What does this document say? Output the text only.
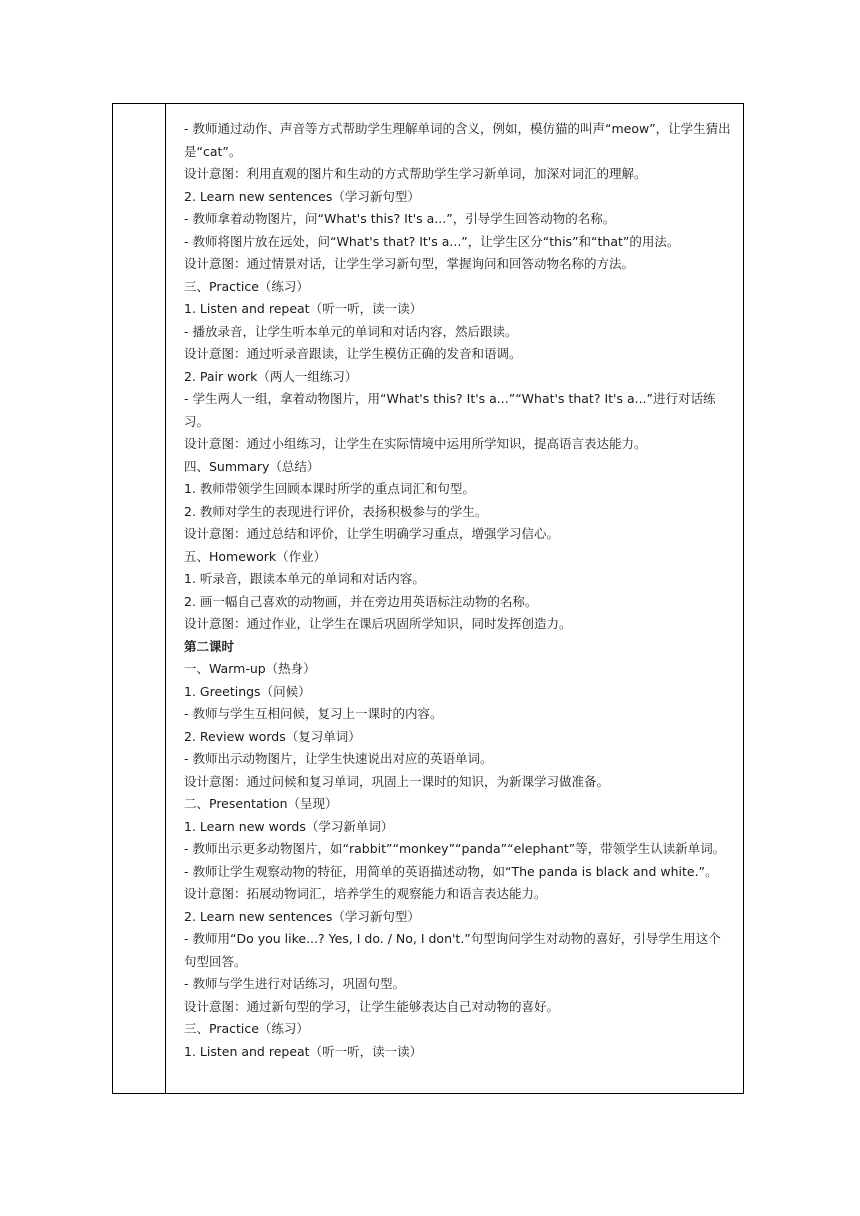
- 教师通过动作、声音等方式帮助学生理解单词的含义，例如，模仿猫的叫声“meow”，让学生猜出是“cat”。
设计意图：利用直观的图片和生动的方式帮助学生学习新单词，加深对词汇的理解。
2. Learn new sentences（学习新句型）
- 教师拿着动物图片，问“What's this? It's a...”，引导学生回答动物的名称。
- 教师将图片放在远处，问“What's that? It's a...”，让学生区分“this”和“that”的用法。
设计意图：通过情景对话，让学生学习新句型，掌握询问和回答动物名称的方法。
三、Practice（练习）
1. Listen and repeat（听一听，读一读）
- 播放录音，让学生听本单元的单词和对话内容，然后跟读。
设计意图：通过听录音跟读，让学生模仿正确的发音和语调。
2. Pair work（两人一组练习）
- 学生两人一组，拿着动物图片，用“What's this? It's a...”“What's that? It's a...”进行对话练习。
设计意图：通过小组练习，让学生在实际情境中运用所学知识，提高语言表达能力。
四、Summary（总结）
1. 教师带领学生回顾本课时所学的重点词汇和句型。
2. 教师对学生的表现进行评价，表扬积极参与的学生。
设计意图：通过总结和评价，让学生明确学习重点，增强学习信心。
五、Homework（作业）
1. 听录音，跟读本单元的单词和对话内容。
2. 画一幅自己喜欢的动物画，并在旁边用英语标注动物的名称。
设计意图：通过作业，让学生在课后巩固所学知识，同时发挥创造力。
第二课时
一、Warm-up（热身）
1. Greetings（问候）
- 教师与学生互相问候，复习上一课时的内容。
2. Review words（复习单词）
- 教师出示动物图片，让学生快速说出对应的英语单词。
设计意图：通过问候和复习单词，巩固上一课时的知识，为新课学习做准备。
二、Presentation（呈现）
1. Learn new words（学习新单词）
- 教师出示更多动物图片，如“rabbit”“monkey”“panda”“elephant”等，带领学生认读新单词。
- 教师让学生观察动物的特征，用简单的英语描述动物，如“The panda is black and white.”。
设计意图：拓展动物词汇，培养学生的观察能力和语言表达能力。
2. Learn new sentences（学习新句型）
- 教师用“Do you like...? Yes, I do. / No, I don't.”句型询问学生对动物的喜好，引导学生用这个句型回答。
- 教师与学生进行对话练习，巩固句型。
设计意图：通过新句型的学习，让学生能够表达自己对动物的喜好。
三、Practice（练习）
1. Listen and repeat（听一听，读一读）
